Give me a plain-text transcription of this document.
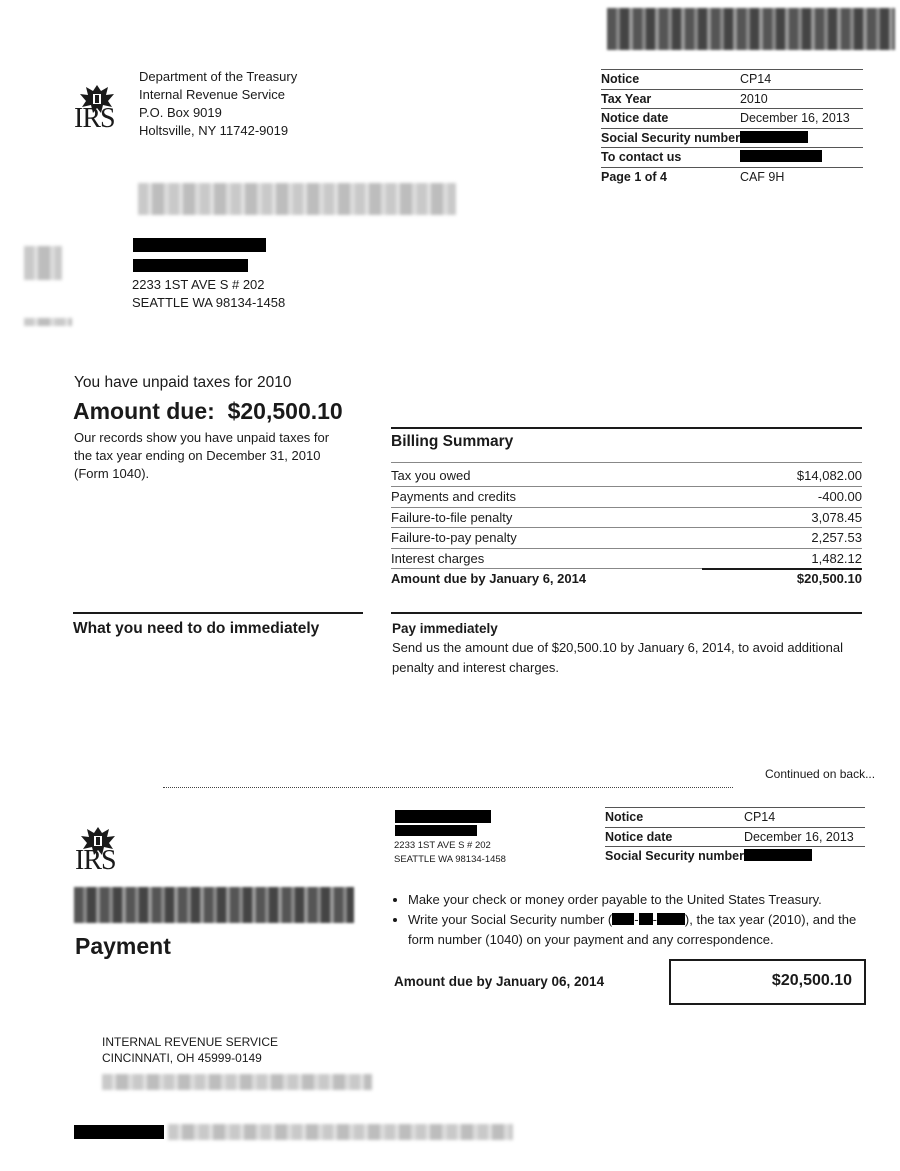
IRS
Department of the Treasury
Internal Revenue Service
P.O. Box 9019
Holtsville, NY 11742-9019
Notice	CP14
Tax Year	2010
Notice date	December 16, 2013
Social Security number	
To contact us	
Page 1 of 4	CAF 9H
2233 1ST AVE S # 202
SEATTLE WA 98134-1458
You have unpaid taxes for 2010
Amount due: $20,500.10
Our records show you have unpaid taxes for the tax year ending on December 31, 2010 (Form 1040).
Billing Summary
Tax you owed	$14,082.00
Payments and credits	-400.00
Failure-to-file penalty	3,078.45
Failure-to-pay penalty	2,257.53
Interest charges	1,482.12
Amount due by January 6, 2014	$20,500.10
What you need to do immediately	Pay immediately
Send us the amount due of $20,500.10 by January 6, 2014, to avoid additional penalty and interest charges.
Continued on back...
IRS	2233 1ST AVE S # 202
SEATTLE WA 98134-1458
Notice	CP14
Notice date	December 16, 2013
Social Security number	
Payment
• Make your check or money order payable to the United States Treasury.
• Write your Social Security number ( - - ), the tax year (2010), and the form number (1040) on your payment and any correspondence.
Amount due by January 06, 2014	$20,500.10
INTERNAL REVENUE SERVICE
CINCINNATI, OH 45999-0149
